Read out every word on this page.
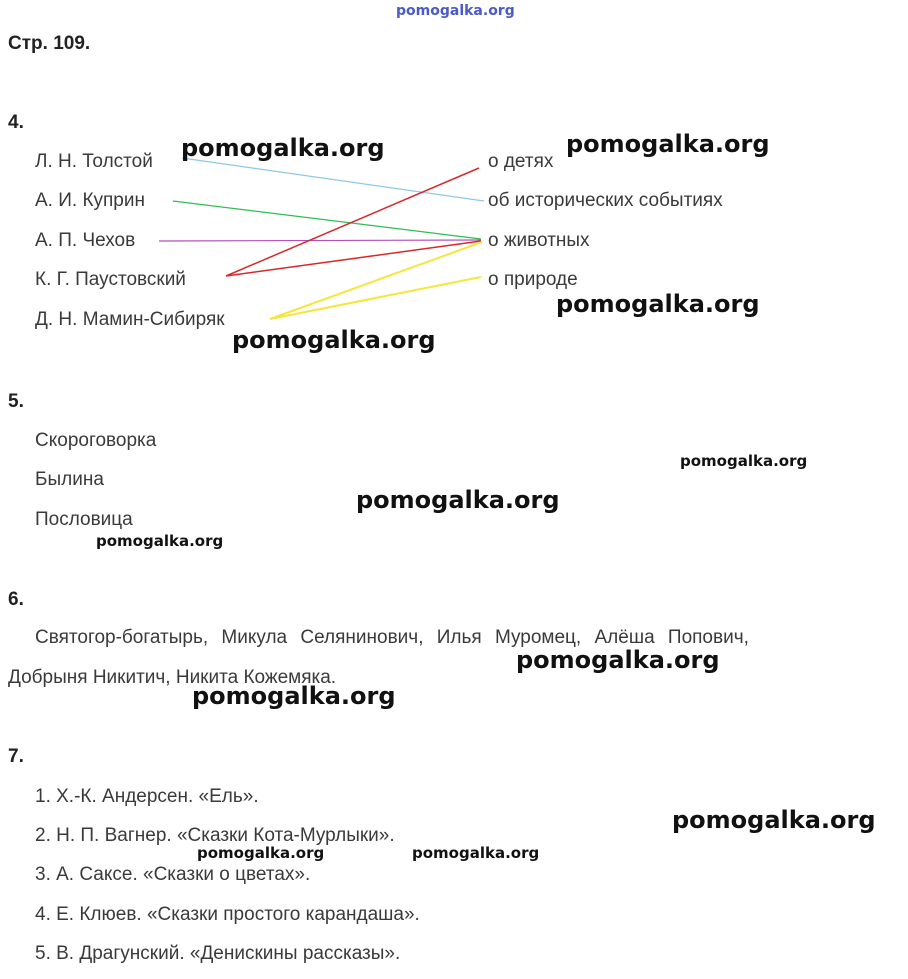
pomogalka.org
Стр. 109.
4.
Л. Н. Толстой
А. И. Куприн
А. П. Чехов
К. Г. Паустовский
Д. Н. Мамин-Сибиряк
о детях
об исторических событиях
о животных
о природе
5.
Скороговорка
Былина
Пословица
6.
Святогор-богатырь, Микула Селянинович, Илья Муромец, Алёша Попович,
Добрыня Никитич, Никита Кожемяка.
7.
1. Х.-К. Андерсен. «Ель».
2. Н. П. Вагнер. «Сказки Кота-Мурлыки».
3. А. Саксе. «Сказки о цветах».
4. Е. Клюев. «Сказки простого карандаша».
5. В. Драгунский. «Денискины рассказы».
pomogalka.org	pomogalka.org
pomogalka.org
pomogalka.org
pomogalka.org
pomogalka.org
pomogalka.org
pomogalka.org
pomogalka.org
pomogalka.org
pomogalka.org	pomogalka.org
